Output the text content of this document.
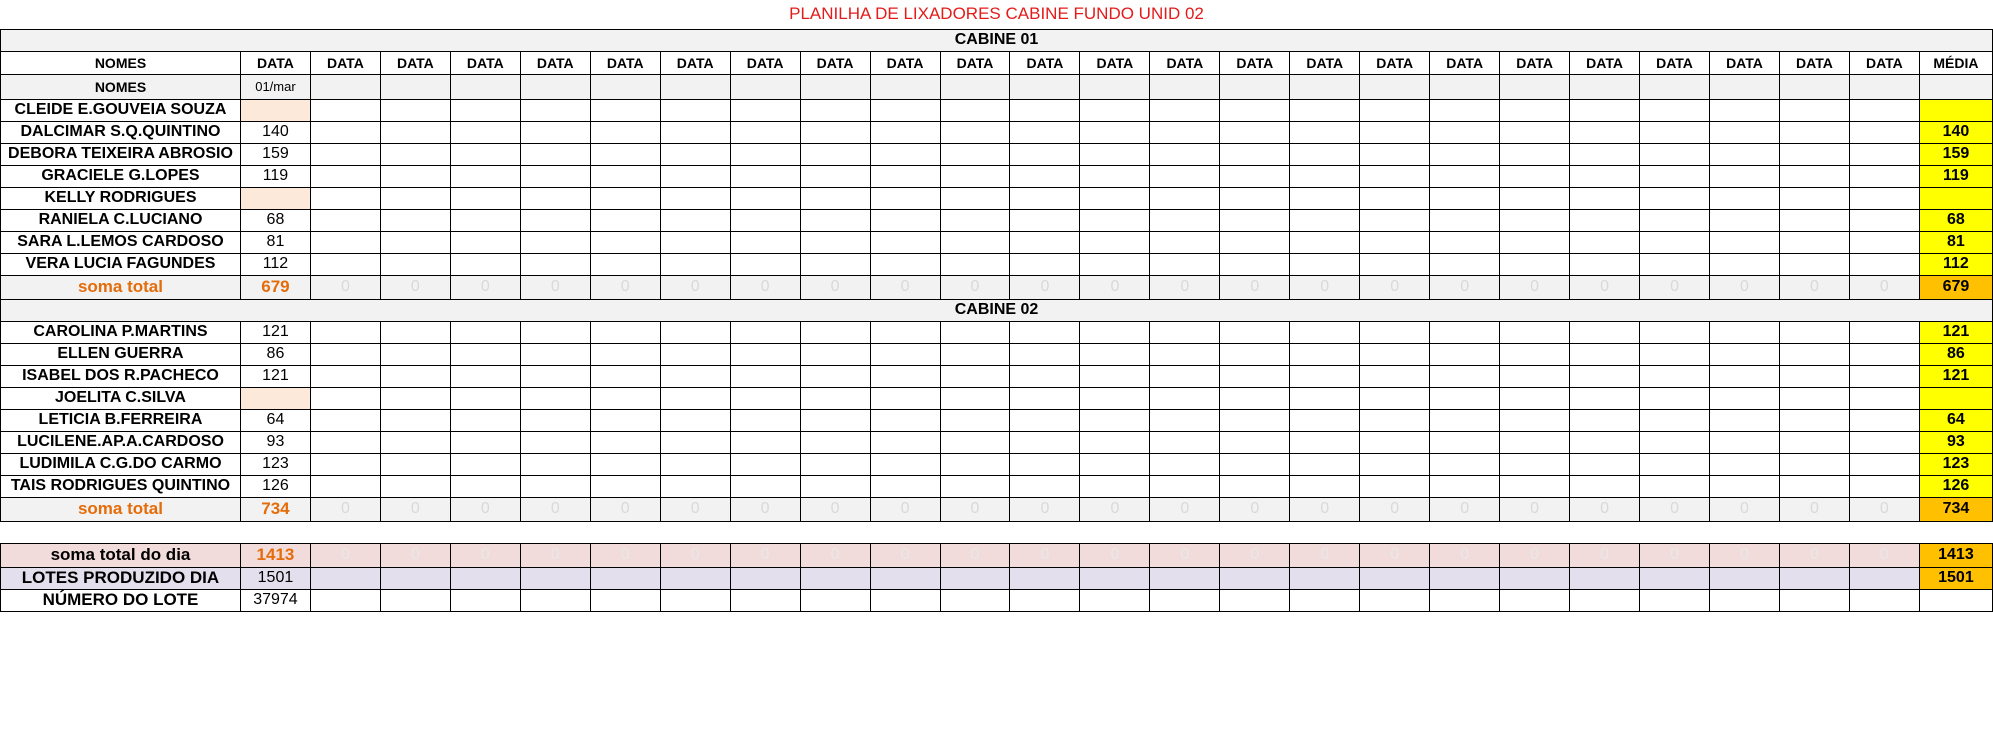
PLANILHA DE LIXADORES CABINE FUNDO UNID 02																									
CABINE 01																									
NOMES	DATA	DATA	DATA	DATA	DATA	DATA	DATA	DATA	DATA	DATA	DATA	DATA	DATA	DATA	DATA	DATA	DATA	DATA	DATA	DATA	DATA	DATA	DATA	DATA	MÉDIA
NOMES	01/mar																								
CLEIDE E.GOUVEIA SOUZA																									
DALCIMAR S.Q.QUINTINO	140																								140
DEBORA TEIXEIRA ABROSIO	159																								159
GRACIELE G.LOPES	119																								119
KELLY RODRIGUES																									
RANIELA C.LUCIANO	68																								68
SARA L.LEMOS CARDOSO	81																								81
VERA LUCIA FAGUNDES	112																								112
soma total	679	0	0	0	0	0	0	0	0	0	0	0	0	0	0	0	0	0	0	0	0	0	0	0	679
CABINE 02																									
CAROLINA P.MARTINS	121																								121
ELLEN GUERRA	86																								86
ISABEL DOS R.PACHECO	121																								121
JOELITA C.SILVA																									
LETICIA B.FERREIRA	64																								64
LUCILENE.AP.A.CARDOSO	93																								93
LUDIMILA C.G.DO CARMO	123																								123
TAIS RODRIGUES QUINTINO	126																								126
soma total	734	0	0	0	0	0	0	0	0	0	0	0	0	0	0	0	0	0	0	0	0	0	0	0	734

soma total do dia	1413	0	0	0	0	0	0	0	0	0	0	0	0	0	0	0	0	0	0	0	0	0	0	0	1413
LOTES PRODUZIDO DIA	1501																								1501
NÚMERO DO LOTE	37974																								
